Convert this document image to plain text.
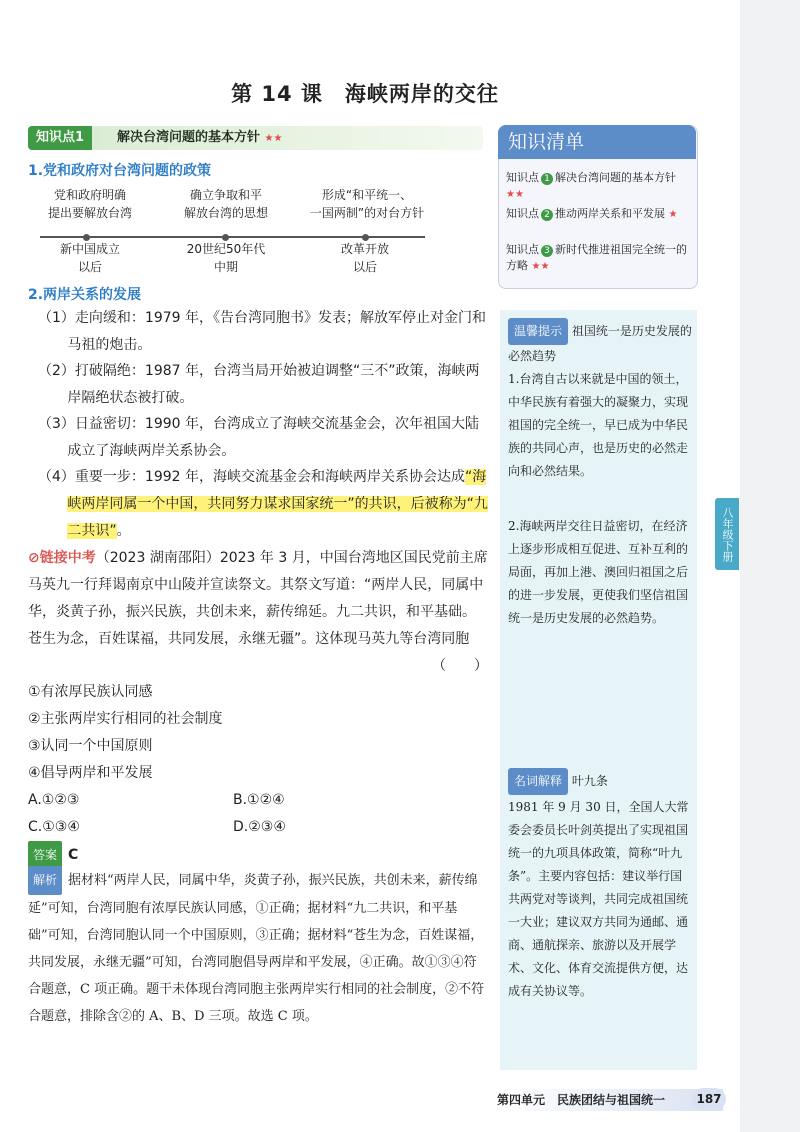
第 14 课　海峡两岸的交往
知识点1	解决台湾问题的基本方针 ★★
1.党和政府对台湾问题的政策
党和政府明确
提出要解放台湾
确立争取和平
解放台湾的思想
形成“和平统一、
一国两制”的对台方针
新中国成立
以后
20世纪50年代
中期
改革开放
以后
2.两岸关系的发展
（1）走向缓和：1979 年，《告台湾同胞书》发表；解放军停止对金门和马祖的炮击。
（2）打破隔绝：1987 年，台湾当局开始被迫调整“三不”政策，海峡两岸隔绝状态被打破。
（3）日益密切：1990 年，台湾成立了海峡交流基金会，次年祖国大陆成立了海峡两岸关系协会。
（4）重要一步：1992 年，海峡交流基金会和海峡两岸关系协会达成“海峡两岸同属一个中国，共同努力谋求国家统一”的共识，后被称为“九二共识”。
⊘链接中考（2023 湖南邵阳）2023 年 3 月，中国台湾地区国民党前主席马英九一行拜谒南京中山陵并宣读祭文。其祭文写道：“两岸人民，同属中华，炎黄子孙，振兴民族，共创未来，薪传绵延。九二共识，和平基础。苍生为念，百姓谋福，共同发展，永继无疆”。这体现马英九等台湾同胞
（　　）
①有浓厚民族认同感
②主张两岸实行相同的社会制度
③认同一个中国原则
④倡导两岸和平发展
A.①②③	B.①②④
C.①③④	D.②③④
答案 C
解析 据材料“两岸人民，同属中华，炎黄子孙，振兴民族，共创未来，薪传绵延”可知，台湾同胞有浓厚民族认同感，①正确；据材料“九二共识，和平基础”可知，台湾同胞认同一个中国原则，③正确；据材料“苍生为念，百姓谋福，共同发展，永继无疆”可知，台湾同胞倡导两岸和平发展，④正确。故①③④符合题意，C 项正确。题干未体现台湾同胞主张两岸实行相同的社会制度，②不符合题意，排除含②的 A、B、D 三项。故选 C 项。
知识清单
知识点 1 解决台湾问题的基本方针 ★★
知识点 2 推动两岸关系和平发展 ★
知识点 3 新时代推进祖国完全统一的方略 ★★
温馨提示 祖国统一是历史发展的必然趋势
1.台湾自古以来就是中国的领土，中华民族有着强大的凝聚力，实现祖国的完全统一，早已成为中华民族的共同心声，也是历史的必然走向和必然结果。
2.海峡两岸交往日益密切，在经济上逐步形成相互促进、互补互利的局面，再加上港、澳回归祖国之后的进一步发展，更使我们坚信祖国统一是历史发展的必然趋势。
名词解释 叶九条
1981 年 9 月 30 日，全国人大常委会委员长叶剑英提出了实现祖国统一的九项具体政策，简称“叶九条”。主要内容包括：建议举行国共两党对等谈判，共同完成祖国统一大业；建议双方共同为通邮、通商、通航探亲、旅游以及开展学术、文化、体育交流提供方便，达成有关协议等。
八年级下册
第四单元　民族团结与祖国统一	187
